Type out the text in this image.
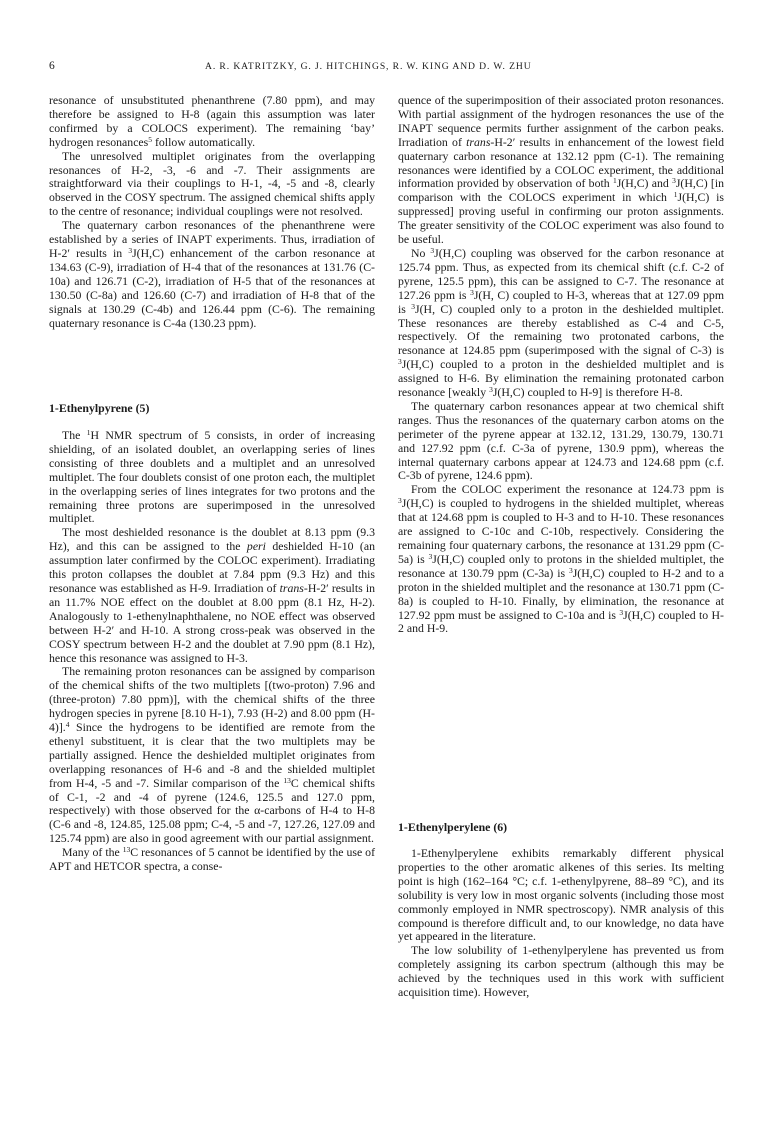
6	A. R. KATRITZKY, G. J. HITCHINGS, R. W. KING AND D. W. ZHU

resonance of unsubstituted phenanthrene (7.80 ppm), and may therefore be assigned to H-8 (again this assumption was later confirmed by a COLOCS experiment). The remaining ‘bay’ hydrogen resonances$^5$ follow automatically.

The unresolved multiplet originates from the overlapping resonances of H-2, -3, -6 and -7. Their assignments are straightforward via their couplings to H-1, -4, -5 and -8, clearly observed in the COSY spectrum. The assigned chemical shifts apply to the centre of resonance; individual couplings were not resolved.

The quaternary carbon resonances of the phenanthrene were established by a series of INAPT experiments. Thus, irradiation of H-2′ results in $^3$J(H,C) enhancement of the carbon resonance at 134.63 (C-9), irradiation of H-4 that of the resonances at 131.76 (C-10a) and 126.71 (C-2), irradiation of H-5 that of the resonances at 130.50 (C-8a) and 126.60 (C-7) and irradiation of H-8 that of the signals at 130.29 (C-4b) and 126.44 ppm (C-6). The remaining quaternary resonance is C-4a (130.23 ppm).

1-Ethenylpyrene (5)

The $^1$H NMR spectrum of 5 consists, in order of increasing shielding, of an isolated doublet, an overlapping series of lines consisting of three doublets and a multiplet and an unresolved multiplet. The four doublets consist of one proton each, the multiplet in the overlapping series of lines integrates for two protons and the remaining three protons are superimposed in the unresolved multiplet.

The most deshielded resonance is the doublet at 8.13 ppm (9.3 Hz), and this can be assigned to the peri deshielded H-10 (an assumption later confirmed by the COLOC experiment). Irradiating this proton collapses the doublet at 7.84 ppm (9.3 Hz) and this resonance was established as H-9. Irradiation of trans-H-2′ results in an 11.7% NOE effect on the doublet at 8.00 ppm (8.1 Hz, H-2). Analogously to 1-ethenylnaphthalene, no NOE effect was observed between H-2′ and H-10. A strong cross-peak was observed in the COSY spectrum between H-2 and the doublet at 7.90 ppm (8.1 Hz), hence this resonance was assigned to H-3.

The remaining proton resonances can be assigned by comparison of the chemical shifts of the two multiplets [(two-proton) 7.96 and (three-proton) 7.80 ppm)], with the chemical shifts of the three hydrogen species in pyrene [8.10 H-1), 7.93 (H-2) and 8.00 ppm (H-4)].$^4$ Since the hydrogens to be identified are remote from the ethenyl substituent, it is clear that the two multiplets may be partially assigned. Hence the deshielded multiplet originates from overlapping resonances of H-6 and -8 and the shielded multiplet from H-4, -5 and -7. Similar comparison of the $^{13}$C chemical shifts of C-1, -2 and -4 of pyrene (124.6, 125.5 and 127.0 ppm, respectively) with those observed for the α-carbons of H-4 to H-8 (C-6 and -8, 124.85, 125.08 ppm; C-4, -5 and -7, 127.26, 127.09 and 125.74 ppm) are also in good agreement with our partial assignment.

Many of the $^{13}$C resonances of 5 cannot be identified by the use of APT and HETCOR spectra, a conse-

quence of the superimposition of their associated proton resonances. With partial assignment of the hydrogen resonances the use of the INAPT sequence permits further assignment of the carbon peaks. Irradiation of trans-H-2′ results in enhancement of the lowest field quaternary carbon resonance at 132.12 ppm (C-1). The remaining resonances were identified by a COLOC experiment, the additional information provided by observation of both $^1$J(H,C) and $^3$J(H,C) [in comparison with the COLOCS experiment in which $^1$J(H,C) is suppressed] proving useful in confirming our proton assignments. The greater sensitivity of the COLOC experiment was also found to be useful.

No $^3$J(H,C) coupling was observed for the carbon resonance at 125.74 ppm. Thus, as expected from its chemical shift (c.f. C-2 of pyrene, 125.5 ppm), this can be assigned to C-7. The resonance at 127.26 ppm is $^3$J(H, C) coupled to H-3, whereas that at 127.09 ppm is $^3$J(H, C) coupled only to a proton in the deshielded multiplet. These resonances are thereby established as C-4 and C-5, respectively. Of the remaining two protonated carbons, the resonance at 124.85 ppm (superimposed with the signal of C-3) is $^3$J(H,C) coupled to a proton in the deshielded multiplet and is assigned to H-6. By elimination the remaining protonated carbon resonance [weakly $^3$J(H,C) coupled to H-9] is therefore H-8.

The quaternary carbon resonances appear at two chemical shift ranges. Thus the resonances of the quaternary carbon atoms on the perimeter of the pyrene appear at 132.12, 131.29, 130.79, 130.71 and 127.92 ppm (c.f. C-3a of pyrene, 130.9 ppm), whereas the internal quaternary carbons appear at 124.73 and 124.68 ppm (c.f. C-3b of pyrene, 124.6 ppm).

From the COLOC experiment the resonance at 124.73 ppm is $^3$J(H,C) is coupled to hydrogens in the shielded multiplet, whereas that at 124.68 ppm is coupled to H-3 and to H-10. These resonances are assigned to C-10c and C-10b, respectively. Considering the remaining four quaternary carbons, the resonance at 131.29 ppm (C-5a) is $^3$J(H,C) coupled only to protons in the shielded multiplet, the resonance at 130.79 ppm (C-3a) is $^3$J(H,C) coupled to H-2 and to a proton in the shielded multiplet and the resonance at 130.71 ppm (C-8a) is coupled to H-10. Finally, by elimination, the resonance at 127.92 ppm must be assigned to C-10a and is $^3$J(H,C) coupled to H-2 and H-9.

1-Ethenylperylene (6)

1-Ethenylperylene exhibits remarkably different physical properties to the other aromatic alkenes of this series. Its melting point is high (162–164 °C; c.f. 1-ethenylpyrene, 88–89 °C), and its solubility is very low in most organic solvents (including those most commonly employed in NMR spectroscopy). NMR analysis of this compound is therefore difficult and, to our knowledge, no data have yet appeared in the literature.

The low solubility of 1-ethenylperylene has prevented us from completely assigning its carbon spectrum (although this may be achieved by the techniques used in this work with sufficient acquisition time). However,
